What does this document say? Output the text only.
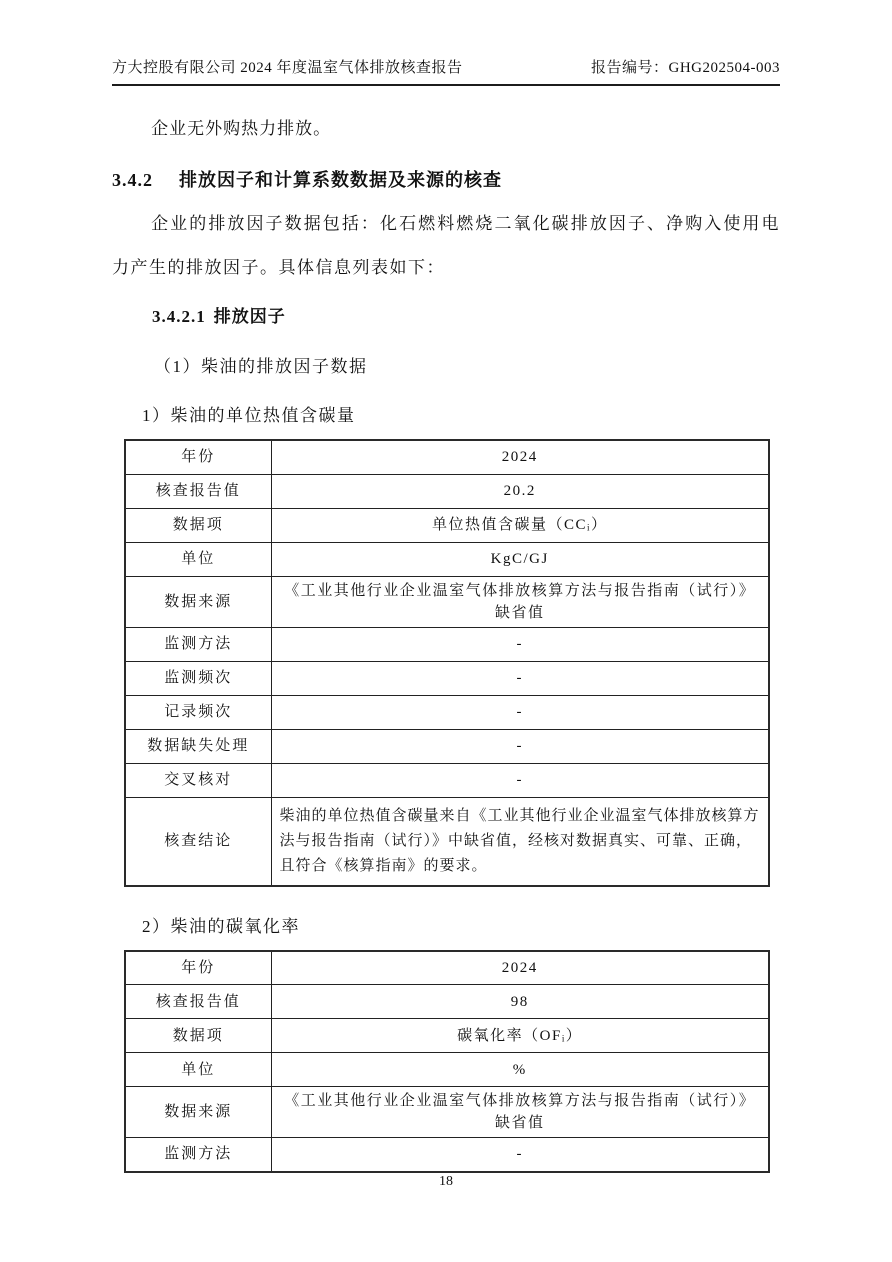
方大控股有限公司 2024 年度温室气体排放核查报告	报告编号：GHG202504-003

企业无外购热力排放。

3.4.2 排放因子和计算系数数据及来源的核查

企业的排放因子数据包括：化石燃料燃烧二氧化碳排放因子、净购入使用电力产生的排放因子。具体信息列表如下：

3.4.2.1 排放因子

（1）柴油的排放因子数据

1）柴油的单位热值含碳量

年份	2024
核查报告值	20.2
数据项	单位热值含碳量（CCᵢ）
单位	KgC/GJ
数据来源	《工业其他行业企业温室气体排放核算方法与报告指南（试行）》缺省值
监测方法	-
监测频次	-
记录频次	-
数据缺失处理	-
交叉核对	-
核查结论	柴油的单位热值含碳量来自《工业其他行业企业温室气体排放核算方法与报告指南（试行）》中缺省值，经核对数据真实、可靠、正确，且符合《核算指南》的要求。

2）柴油的碳氧化率

年份	2024
核查报告值	98
数据项	碳氧化率（OFᵢ）
单位	%
数据来源	《工业其他行业企业温室气体排放核算方法与报告指南（试行）》缺省值
监测方法	-
18
